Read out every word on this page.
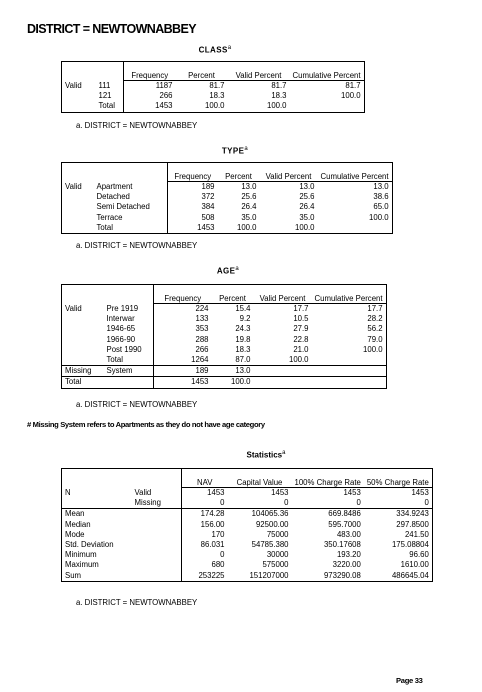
DISTRICT = NEWTOWNABBEY
CLASS$^a$

Frequency	Percent	Valid Percent	Cumulative Percent
Valid	111	1187	81.7	81.7	81.7
	121	266	18.3	18.3	100.0
	Total	1453	100.0	100.0	
a. DISTRICT = NEWTOWNABBEY
TYPE$^a$

Frequency	Percent	Valid Percent	Cumulative Percent
Valid	Apartment	189	13.0	13.0	13.0
	Detached	372	25.6	25.6	38.6
	Semi Detached	384	26.4	26.4	65.0
	Terrace	508	35.0	35.0	100.0
	Total	1453	100.0	100.0	
a. DISTRICT = NEWTOWNABBEY
AGE$^a$

Frequency	Percent	Valid Percent	Cumulative Percent
Valid	Pre 1919	224	15.4	17.7	17.7
	Interwar	133	9.2	10.5	28.2
	1946-65	353	24.3	27.9	56.2
	1966-90	288	19.8	22.8	79.0
	Post 1990	266	18.3	21.0	100.0
	Total	1264	87.0	100.0	
Missing	System	189	13.0		
Total		1453	100.0		
a. DISTRICT = NEWTOWNABBEY
# Missing System refers to Apartments as they do not have age category
Statistics$^a$

NAV	Capital Value	100% Charge Rate	50% Charge Rate
N	Valid	1453	1453	1453	1453
	Missing	0	0	0	0
Mean		174.28	104065.36	669.8486	334.9243
Median		156.00	92500.00	595.7000	297.8500
Mode		170	75000	483.00	241.50
Std. Deviation		86.031	54785.380	350.17608	175.08804
Minimum		0	30000	193.20	96.60
Maximum		680	575000	3220.00	1610.00
Sum		253225	151207000	973290.08	486645.04
a. DISTRICT = NEWTOWNABBEY
Page 33
